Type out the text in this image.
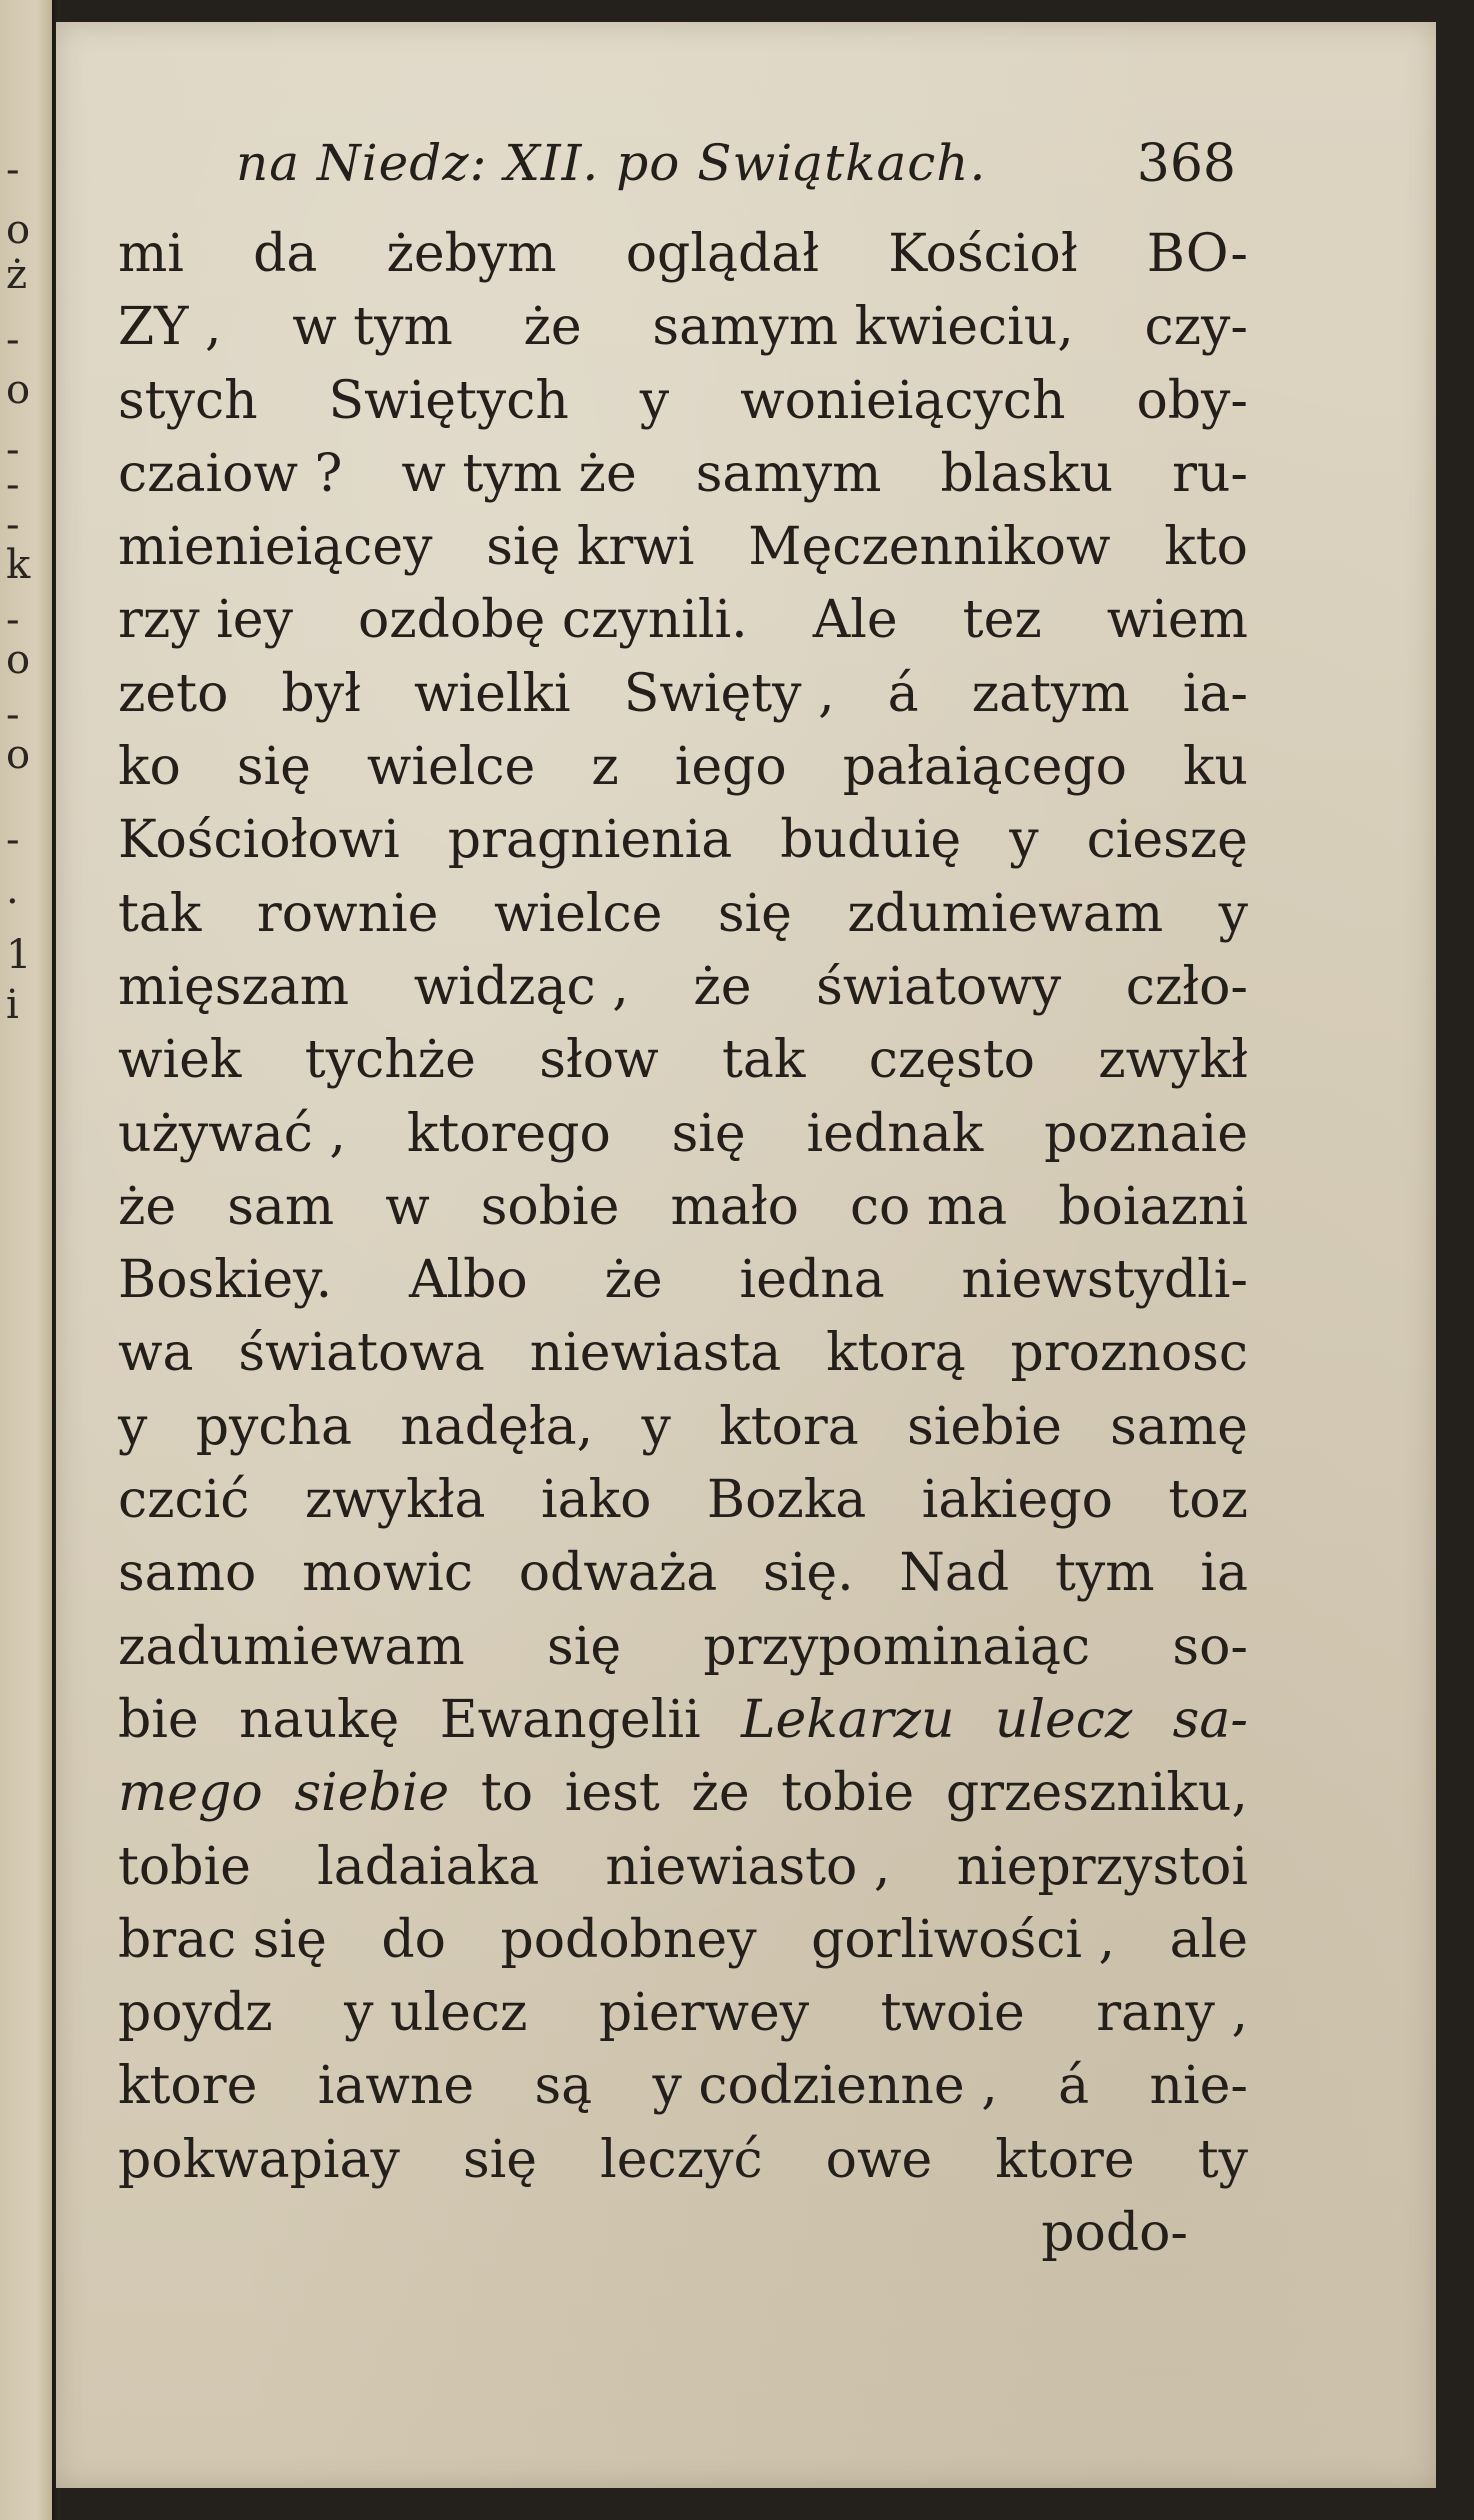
-
o
ż
-
o
-
-
-
k
-
o
-
o
-
.
1
i
na Niedz: XII. po Swiątkach.	368
mi da żebym oglądał Kościoł BO-
ZY , w tym że samym kwieciu, czy-
stych Swiętych y wonieiących oby-
czaiow ? w tym że samym blasku ru-
mienieiącey się krwi Męczennikow kto
rzy iey ozdobę czynili. Ale tez wiem
zeto był wielki Swięty , á zatym ia-
ko się wielce z iego pałaiącego ku
Kościołowi pragnienia buduię y cieszę
tak rownie wielce się zdumiewam y
mięszam widząc , że światowy czło-
wiek tychże słow tak często zwykł
używać , ktorego się iednak poznaie
że sam w sobie mało co ma boiazni
Boskiey. Albo że iedna niewstydli-
wa światowa niewiasta ktorą proznosc
y pycha nadęła, y ktora siebie samę
czcić zwykła iako Bozka iakiego toz
samo mowic odważa się. Nad tym ia
zadumiewam się przypominaiąc so-
bie naukę Ewangelii Lekarzu ulecz sa-
mego siebie to iest że tobie grzeszniku,
tobie ladaiaka niewiasto , nieprzystoi
brac się do podobney gorliwości , ale
poydz y ulecz pierwey twoie rany ,
ktore iawne są y codzienne , á nie-
pokwapiay się leczyć owe ktore ty
podo-
